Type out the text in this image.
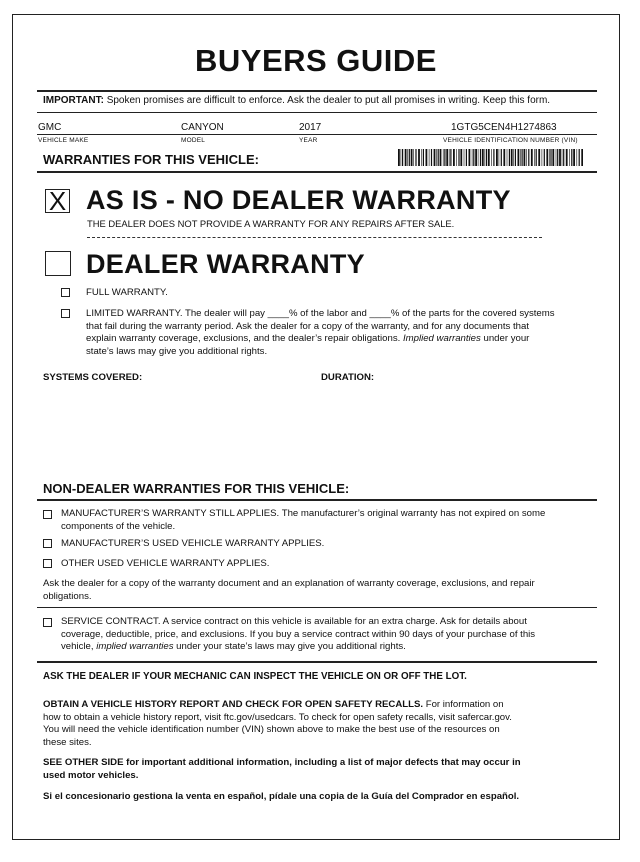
BUYERS GUIDE
IMPORTANT: Spoken promises are difficult to enforce. Ask the dealer to put all promises in writing. Keep this form.
GMC	CANYON	2017	1GTG5CEN4H1274863
VEHICLE MAKE	MODEL	YEAR	VEHICLE IDENTIFICATION NUMBER (VIN)
WARRANTIES FOR THIS VEHICLE:
X AS IS - NO DEALER WARRANTY
THE DEALER DOES NOT PROVIDE A WARRANTY FOR ANY REPAIRS AFTER SALE.
DEALER WARRANTY
FULL WARRANTY.
LIMITED WARRANTY. The dealer will pay ____% of the labor and ____% of the parts for the covered systems
that fail during the warranty period. Ask the dealer for a copy of the warranty, and for any documents that
explain warranty coverage, exclusions, and the dealer’s repair obligations. Implied warranties under your
state’s laws may give you additional rights.
SYSTEMS COVERED:	DURATION:
NON-DEALER WARRANTIES FOR THIS VEHICLE:
MANUFACTURER’S WARRANTY STILL APPLIES. The manufacturer’s original warranty has not expired on some
components of the vehicle.
MANUFACTURER’S USED VEHICLE WARRANTY APPLIES.
OTHER USED VEHICLE WARRANTY APPLIES.
Ask the dealer for a copy of the warranty document and an explanation of warranty coverage, exclusions, and repair
obligations.
SERVICE CONTRACT. A service contract on this vehicle is available for an extra charge. Ask for details about
coverage, deductible, price, and exclusions. If you buy a service contract within 90 days of your purchase of this
vehicle, implied warranties under your state’s laws may give you additional rights.
ASK THE DEALER IF YOUR MECHANIC CAN INSPECT THE VEHICLE ON OR OFF THE LOT.
OBTAIN A VEHICLE HISTORY REPORT AND CHECK FOR OPEN SAFETY RECALLS. For information on
how to obtain a vehicle history report, visit ftc.gov/usedcars. To check for open safety recalls, visit safercar.gov.
You will need the vehicle identification number (VIN) shown above to make the best use of the resources on
these sites.
SEE OTHER SIDE for important additional information, including a list of major defects that may occur in
used motor vehicles.
Si el concesionario gestiona la venta en español, pídale una copia de la Guía del Comprador en español.
